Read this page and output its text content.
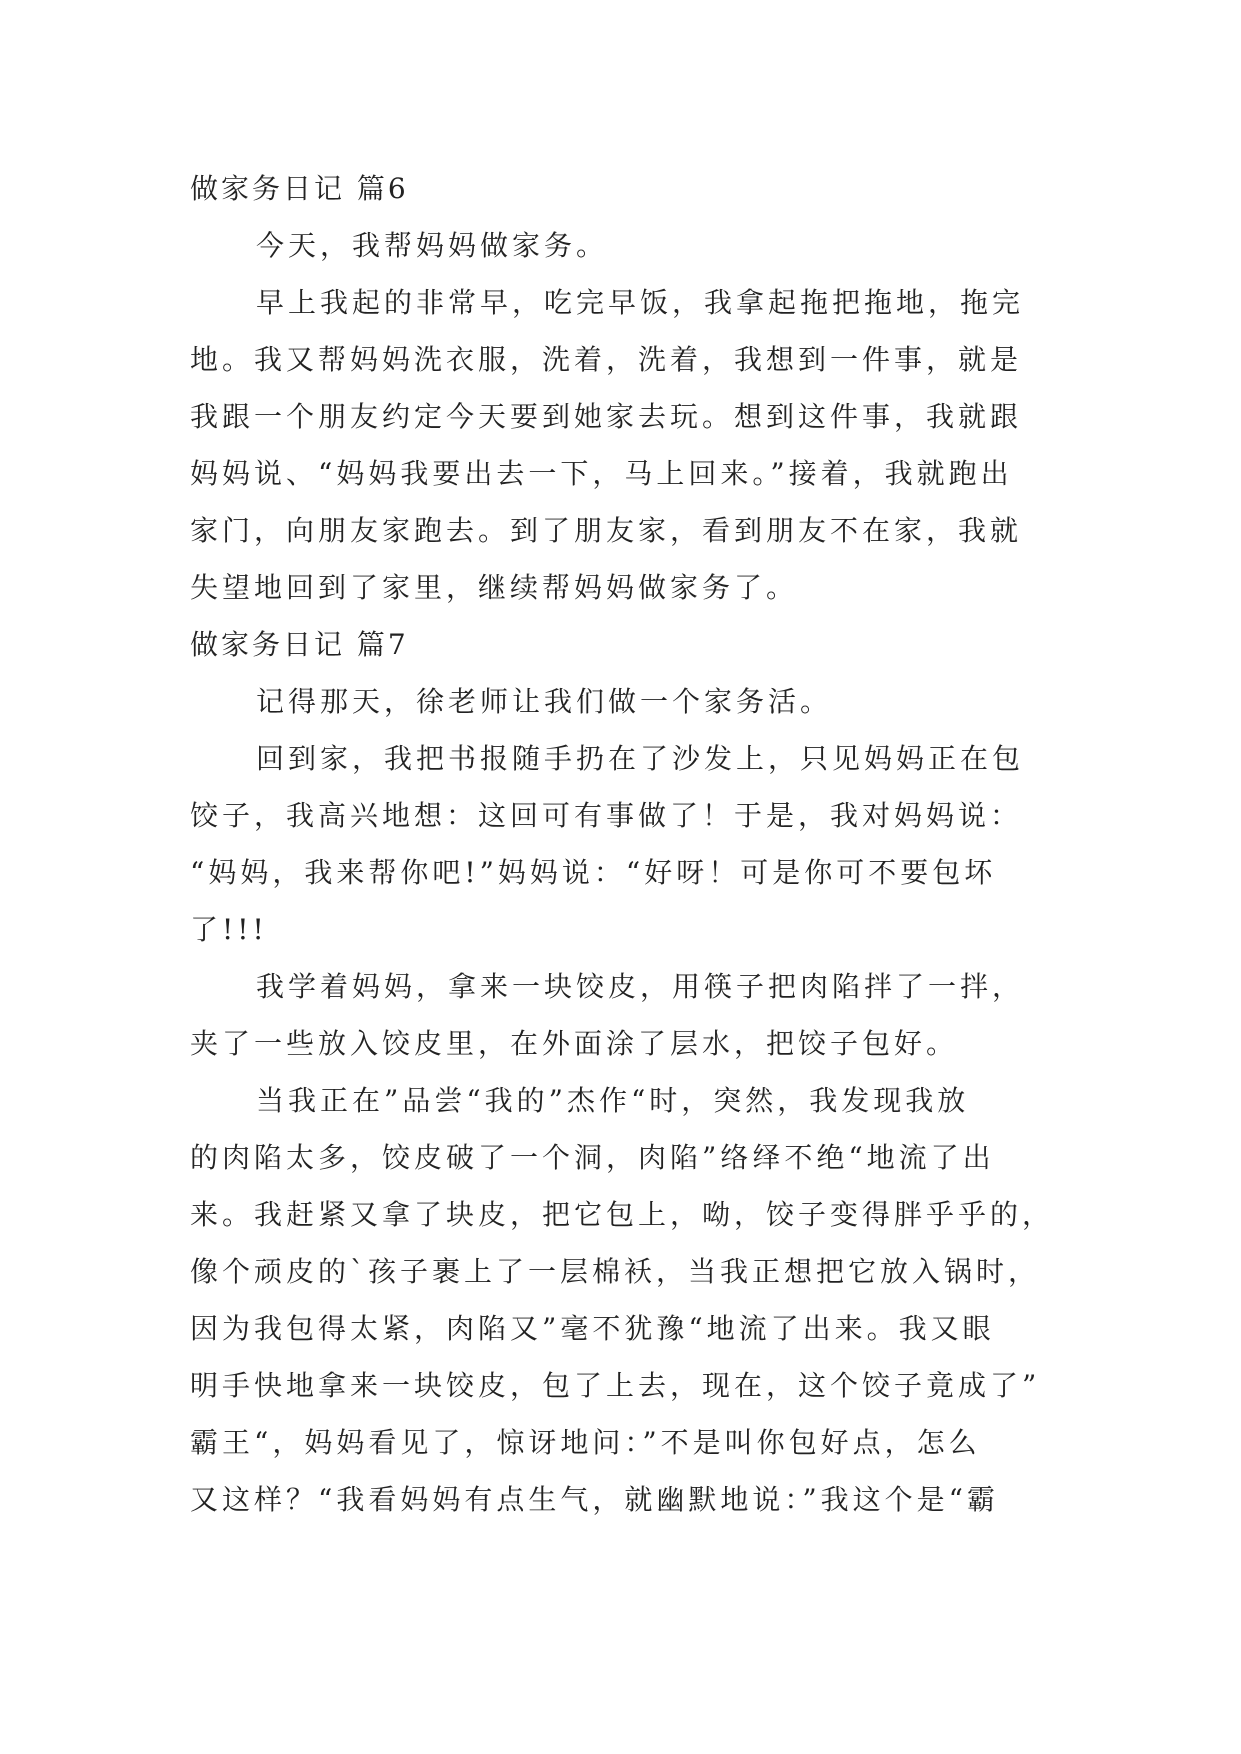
做家务日记 篇6
今天，我帮妈妈做家务。
早上我起的非常早，吃完早饭，我拿起拖把拖地，拖完
地。我又帮妈妈洗衣服，洗着，洗着，我想到一件事，就是
我跟一个朋友约定今天要到她家去玩。想到这件事，我就跟
妈妈说、“妈妈我要出去一下，马上回来。”接着，我就跑出
家门，向朋友家跑去。到了朋友家，看到朋友不在家，我就
失望地回到了家里，继续帮妈妈做家务了。
做家务日记 篇7
记得那天，徐老师让我们做一个家务活。
回到家，我把书报随手扔在了沙发上，只见妈妈正在包
饺子，我高兴地想：这回可有事做了！于是，我对妈妈说：
“妈妈，我来帮你吧!”妈妈说：“好呀！可是你可不要包坏
了!!!
我学着妈妈，拿来一块饺皮，用筷子把肉陷拌了一拌，
夹了一些放入饺皮里，在外面涂了层水，把饺子包好。
当我正在”品尝“我的”杰作“时，突然，我发现我放
的肉陷太多，饺皮破了一个洞，肉陷”络绎不绝“地流了出
来。我赶紧又拿了块皮，把它包上，呦，饺子变得胖乎乎的，
像个顽皮的`孩子裹上了一层棉袄，当我正想把它放入锅时，
因为我包得太紧，肉陷又”毫不犹豫“地流了出来。我又眼
明手快地拿来一块饺皮，包了上去，现在，这个饺子竟成了”
霸王“，妈妈看见了，惊讶地问：”不是叫你包好点，怎么
又这样？“我看妈妈有点生气，就幽默地说：”我这个是“霸
